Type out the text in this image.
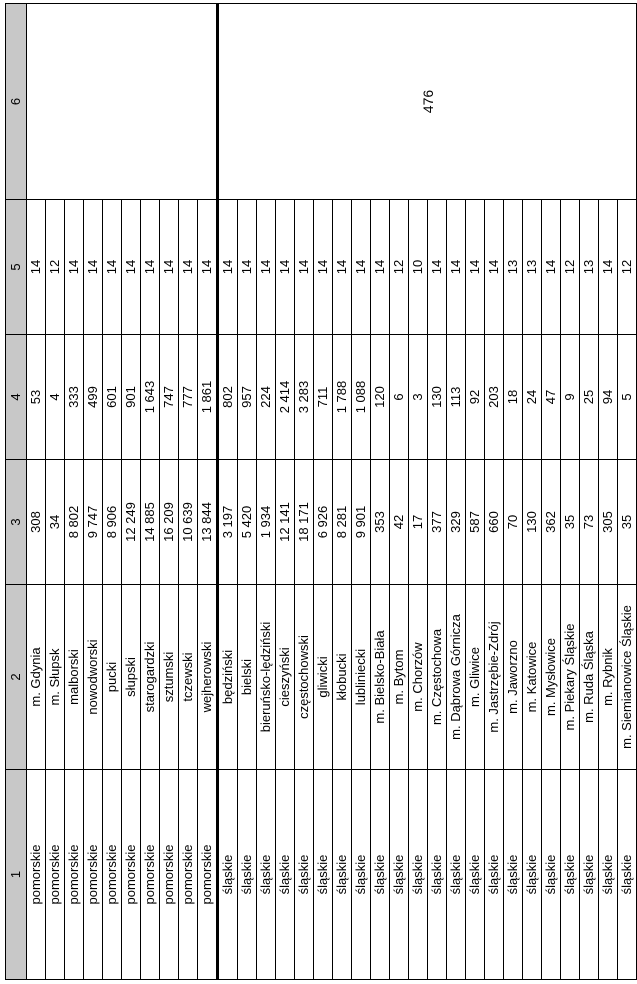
1	2	3	4	5	6
pomorskie	m. Gdynia	308	53	14	
pomorskie	m. Słupsk	34	4	12	
pomorskie	malborski	8 802	333	14	
pomorskie	nowodworski	9 747	499	14	
pomorskie	pucki	8 906	601	14	
pomorskie	słupski	12 249	901	14	
pomorskie	starogardzki	14 885	1 643	14	
pomorskie	sztumski	16 209	747	14	
pomorskie	tczewski	10 639	777	14	
pomorskie	wejherowski	13 844	1 861	14	
śląskie	będziński	3 197	802	14	476
śląskie	bielski	5 420	957	14	
śląskie	bieruńsko-lędziński	1 934	224	14	
śląskie	cieszyński	12 141	2 414	14	
śląskie	częstochowski	18 171	3 283	14	
śląskie	gliwicki	6 926	711	14	
śląskie	kłobucki	8 281	1 788	14	
śląskie	lubliniecki	9 901	1 088	14	
śląskie	m. Bielsko-Biała	353	120	14	
śląskie	m. Bytom	42	6	12	
śląskie	m. Chorzów	17	3	10	
śląskie	m. Częstochowa	377	130	14	
śląskie	m. Dąbrowa Górnicza	329	113	14	
śląskie	m. Gliwice	587	92	14	
śląskie	m. Jastrzębie-Zdrój	660	203	14	
śląskie	m. Jaworzno	70	18	13	
śląskie	m. Katowice	130	24	13	
śląskie	m. Mysłowice	362	47	14	
śląskie	m. Piekary Śląskie	35	9	12	
śląskie	m. Ruda Śląska	73	25	13	
śląskie	m. Rybnik	305	94	14	
śląskie	m. Siemianowice Śląskie	35	5	12	
